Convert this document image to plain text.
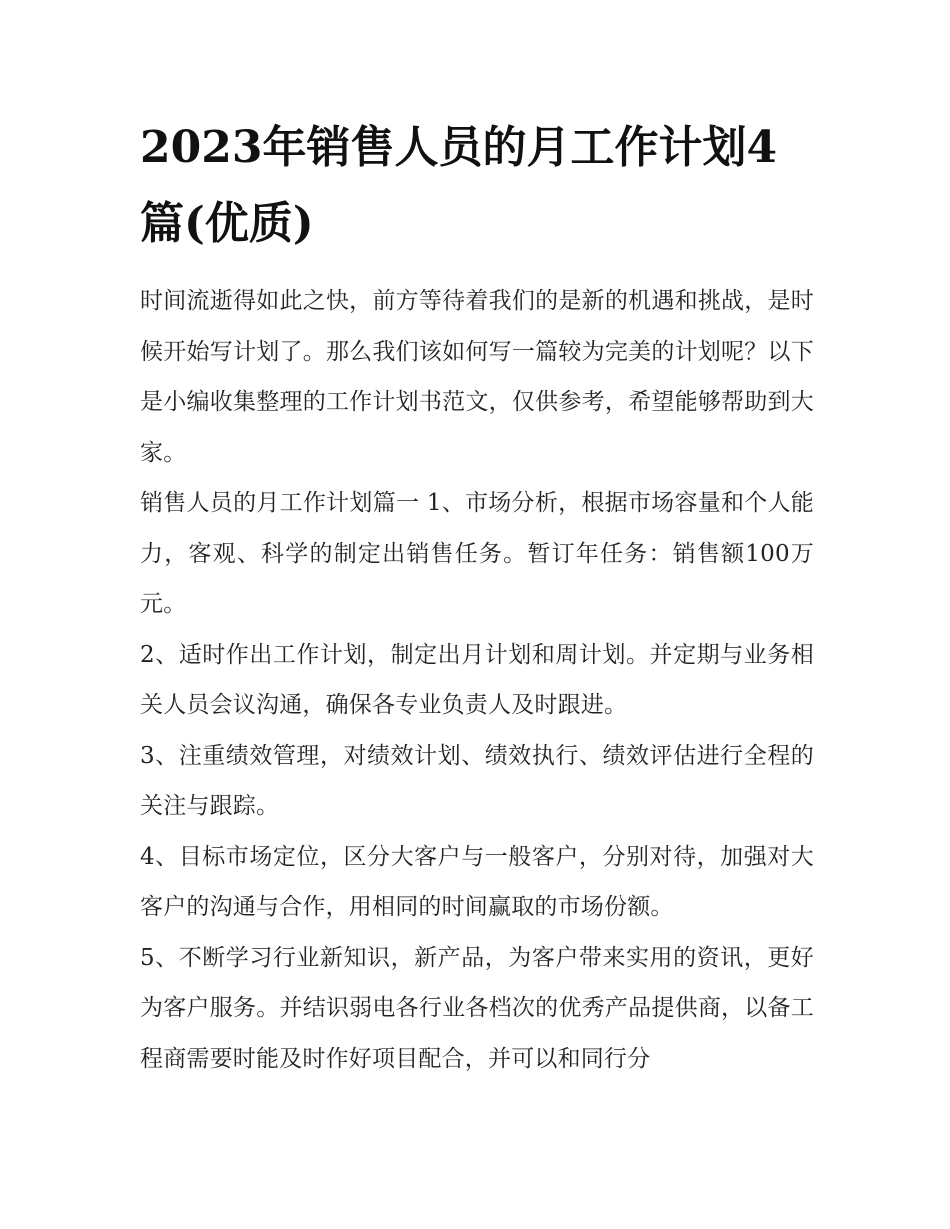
2023年销售人员的月工作计划4篇(优质)

时间流逝得如此之快，前方等待着我们的是新的机遇和挑战，是时候开始写计划了。那么我们该如何写一篇较为完美的计划呢？以下是小编收集整理的工作计划书范文，仅供参考，希望能够帮助到大家。

销售人员的月工作计划篇一 1、市场分析，根据市场容量和个人能力，客观、科学的制定出销售任务。暂订年任务：销售额100万元。

2、适时作出工作计划，制定出月计划和周计划。并定期与业务相关人员会议沟通，确保各专业负责人及时跟进。

3、注重绩效管理，对绩效计划、绩效执行、绩效评估进行全程的关注与跟踪。

4、目标市场定位，区分大客户与一般客户，分别对待，加强对大客户的沟通与合作，用相同的时间赢取的市场份额。

5、不断学习行业新知识，新产品，为客户带来实用的资讯，更好为客户服务。并结识弱电各行业各档次的优秀产品提供商，以备工程商需要时能及时作好项目配合，并可以和同行分
